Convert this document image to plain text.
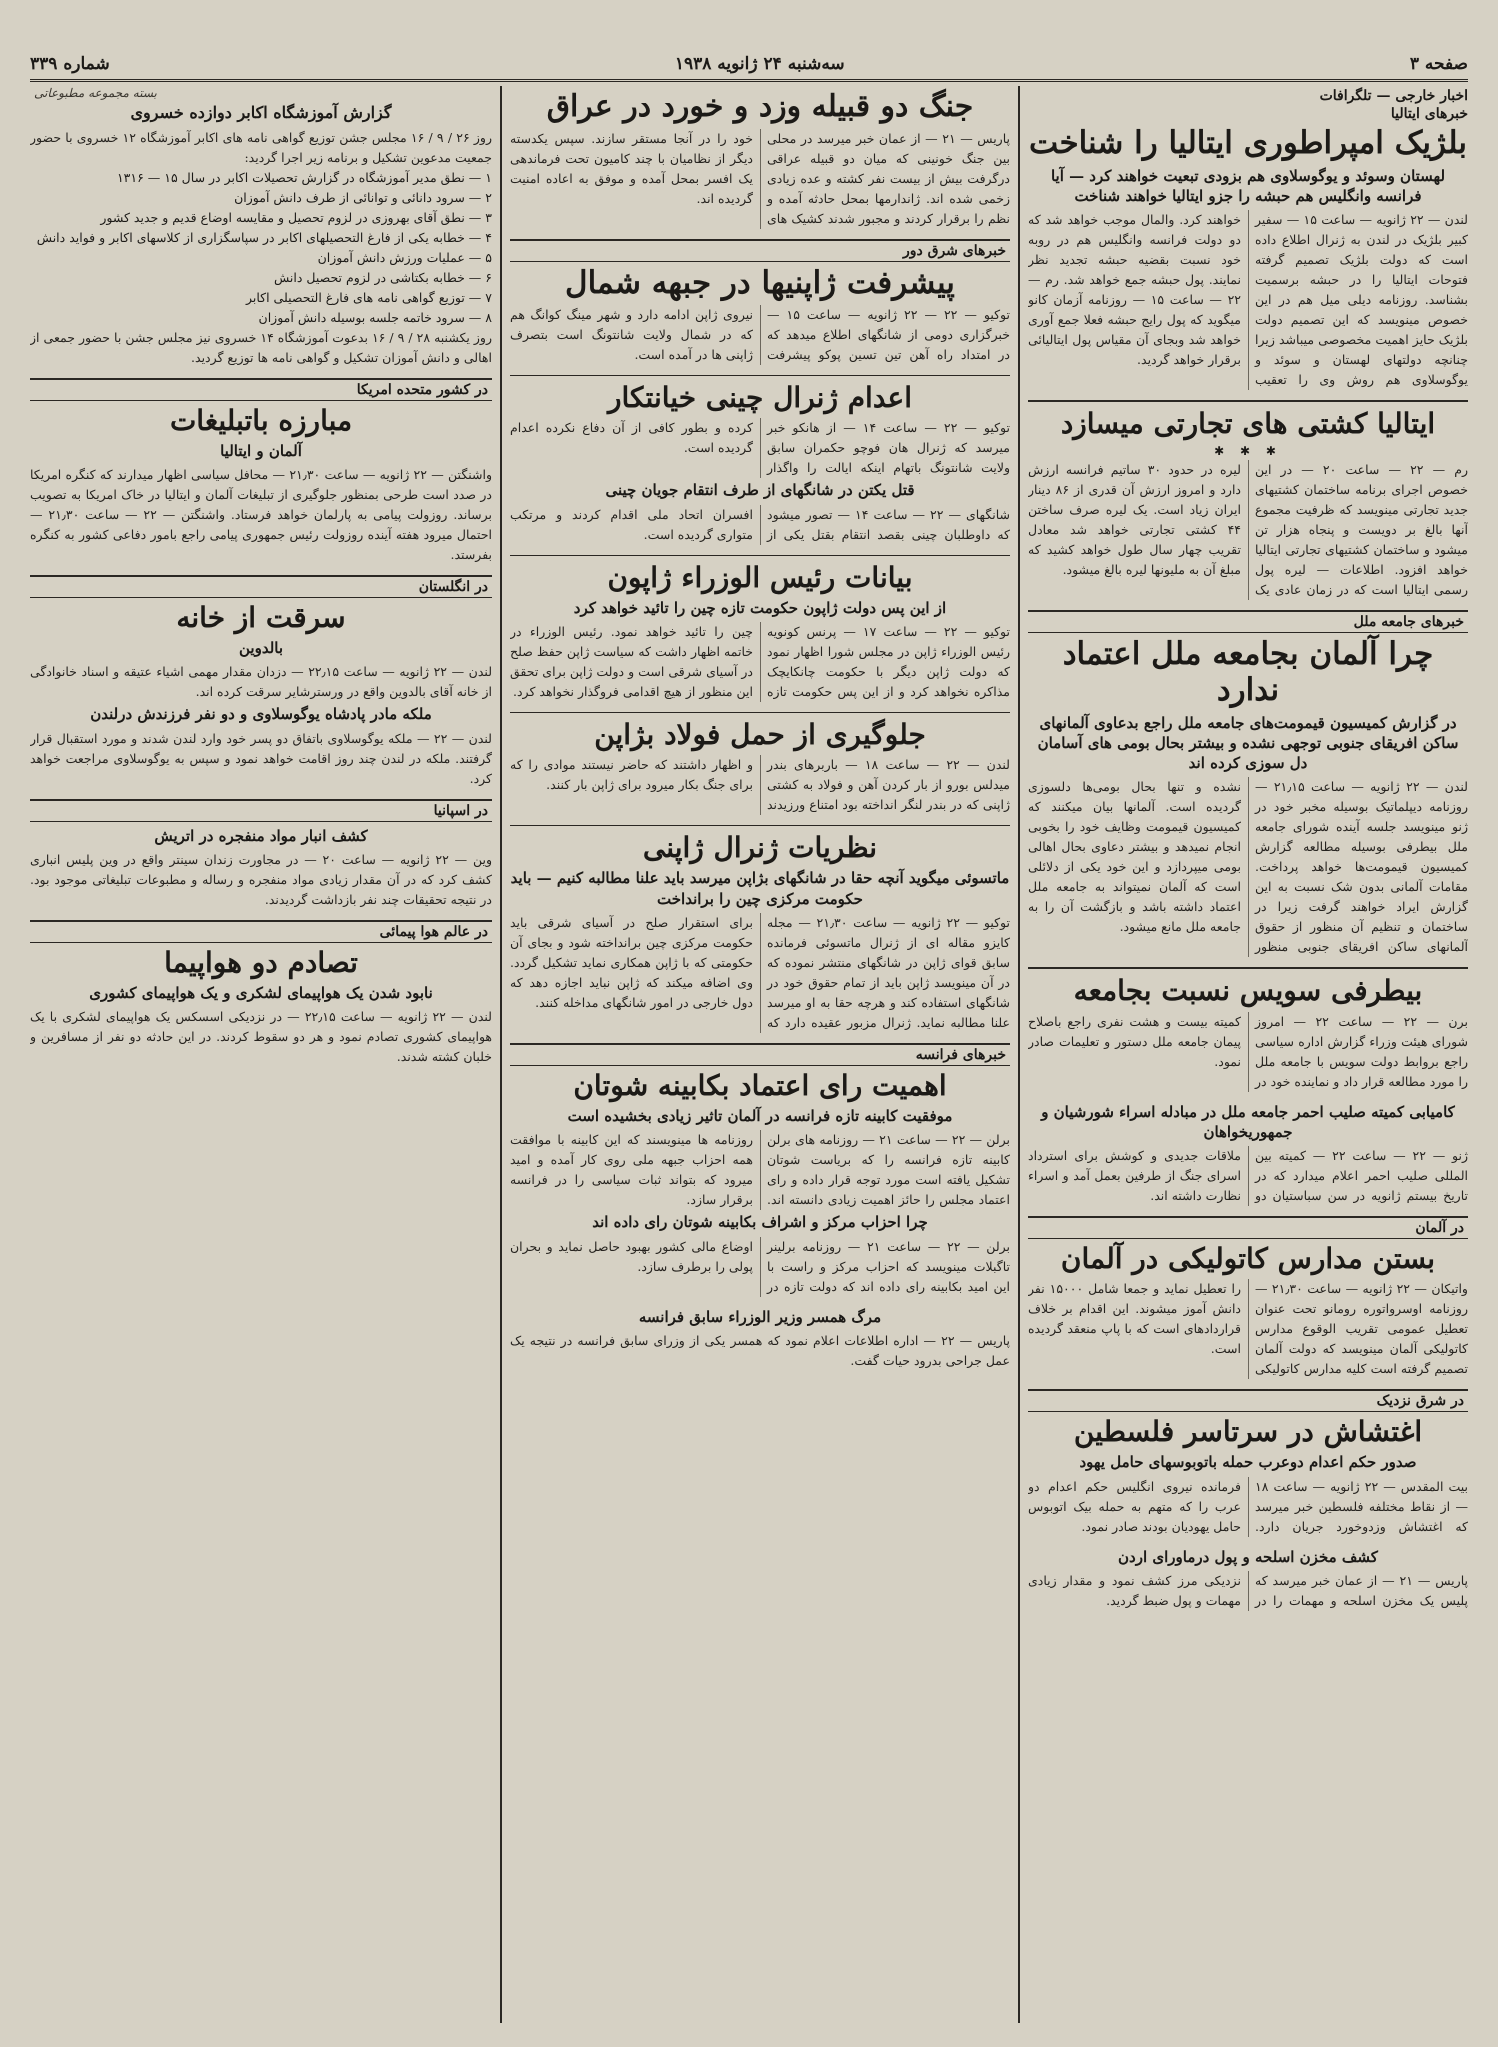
صفحه ۳
سه‌شنبه ۲۴ ژانویه ۱۹۳۸
شماره ۳۳۹
اخبار خارجی — تلگرافات
خبرهای ایتالیا
بلژیک امپراطوری ایتالیا را شناخت
لهستان وسوئد و یوگوسلاوی هم بزودی تبعیت خواهند کرد — آیا فرانسه وانگلیس هم حبشه را جزو ایتالیا خواهند شناخت
لندن — ۲۲ ژانویه — ساعت ۱۵ — سفیر کبیر بلژیک در لندن به ژنرال اطلاع داده است که دولت بلژیک تصمیم گرفته فتوحات ایتالیا را در حبشه برسمیت بشناسد. روزنامه دیلی میل هم در این خصوص مینویسد که این تصمیم دولت بلژیک حایز اهمیت مخصوصی میباشد زیرا چنانچه دولتهای لهستان و سوئد و یوگوسلاوی هم روش وی را تعقیب خواهند کرد. والمال موجب خواهد شد که دو دولت فرانسه وانگلیس هم در روبه خود نسبت بقضیه حبشه تجدید نظر نمایند. پول حبشه جمع خواهد شد. رم — ۲۲ — ساعت ۱۵ — روزنامه آزمان کانو میگوید که پول رایج حبشه فعلا جمع آوری خواهد شد وبجای آن مقیاس پول ایتالیائی برقرار خواهد گردید.
ایتالیا کشتی های تجارتی میسازد
✱ ✱ ✱
رم — ۲۲ — ساعت ۲۰ — در این خصوص اجرای برنامه ساختمان کشتیهای جدید تجارتی مینویسد که ظرفیت مجموع آنها بالغ بر دویست و پنجاه هزار تن میشود و ساختمان کشتیهای تجارتی ایتالیا خواهد افزود. اطلاعات — لیره پول رسمی ایتالیا است که در زمان عادی یک لیره در حدود ۳۰ ساتیم فرانسه ارزش دارد و امروز ارزش آن قدری از ۸۶ دینار ایران زیاد است. یک لیره صرف ساختن ۴۴ کشتی تجارتی خواهد شد معادل تقریب چهار سال طول خواهد کشید که مبلغ آن به ملیونها لیره بالغ میشود.
خبرهای جامعه ملل
چرا آلمان بجامعه ملل اعتماد ندارد
در گزارش کمیسیون قیمومت‌های جامعه ملل راجع بدعاوی آلمانهای ساکن افریقای جنوبی توجهی نشده و بیشتر بحال بومی های آسامان دل سوزی کرده اند
لندن — ۲۲ ژانویه — ساعت ۲۱٫۱۵ — روزنامه دیپلماتیک بوسیله مخبر خود در ژنو مینویسد جلسه آینده شورای جامعه ملل بیطرفی بوسیله مطالعه گزارش کمیسیون قیمومت‌ها خواهد پرداخت. مقامات آلمانی بدون شک نسبت به این گزارش ایراد خواهند گرفت زیرا در ساختمان و تنظیم آن منظور از حقوق آلمانهای ساکن افریقای جنوبی منظور نشده و تنها بحال بومی‌ها دلسوزی گردیده است. آلمانها بیان میکنند که کمیسیون قیمومت وظایف خود را بخوبی انجام نمیدهد و بیشتر دعاوی بحال اهالی بومی میپردازد و این خود یکی از دلائلی است که آلمان نمیتواند به جامعه ملل اعتماد داشته باشد و بازگشت آن را به جامعه ملل مانع میشود.
بیطرفی سویس نسبت بجامعه
برن — ۲۲ — ساعت ۲۲ — امروز شورای هیئت وزراء گزارش اداره سیاسی راجع بروابط دولت سویس با جامعه ملل را مورد مطالعه قرار داد و نماینده خود در کمیته بیست و هشت نفری راجع باصلاح پیمان جامعه ملل دستور و تعلیمات صادر نمود.
کامیابی کمیته صلیب احمر جامعه ملل در مبادله اسراء شورشیان و جمهوریخواهان
ژنو — ۲۲ — ساعت ۲۲ — کمیته بین المللی صلیب احمر اعلام میدارد که در تاریخ بیستم ژانویه در سن سباستیان دو ملاقات جدیدی و کوشش برای استرداد اسرای جنگ از طرفین بعمل آمد و اسراء نظارت داشته اند.
در آلمان
بستن مدارس کاتولیکی در آلمان
واتیکان — ۲۲ ژانویه — ساعت ۲۱٫۳۰ — روزنامه اوسرواتوره رومانو تحت عنوان تعطیل عمومی تقریب الوقوع مدارس کاتولیکی آلمان مینویسد که دولت آلمان تصمیم گرفته است کلیه مدارس کاتولیکی را تعطیل نماید و جمعا شامل ۱۵۰۰۰ نفر دانش آموز میشوند. این اقدام بر خلاف قراردادهای است که با پاپ منعقد گردیده است.
در شرق نزدیک
اغتشاش در سرتاسر فلسطین
صدور حکم اعدام دوعرب حمله باتوبوسهای حامل یهود
بیت المقدس — ۲۲ ژانویه — ساعت ۱۸ — از نقاط مختلفه فلسطین خبر میرسد که اغتشاش وزدوخورد جریان دارد. فرمانده نیروی انگلیس حکم اعدام دو عرب را که متهم به حمله بیک اتوبوس حامل یهودیان بودند صادر نمود.
کشف مخزن اسلحه و پول درماورای اردن
پاریس — ۲۱ — از عمان خبر میرسد که پلیس یک مخزن اسلحه و مهمات را در نزدیکی مرز کشف نمود و مقدار زیادی مهمات و پول ضبط گردید.
جنگ دو قبیله وزد و خورد در عراق
پاریس — ۲۱ — از عمان خبر میرسد در محلی بین جنگ خونینی که میان دو قبیله عراقی درگرفت بیش از بیست نفر کشته و عده زیادی زخمی شده اند. ژاندارمها بمحل حادثه آمده و نظم را برقرار کردند و مجبور شدند کشیک های خود را در آنجا مستقر سازند. سپس یکدسته دیگر از نظامیان با چند کامیون تحت فرماندهی یک افسر بمحل آمده و موفق به اعاده امنیت گردیده اند.
خبرهای شرق دور
پیشرفت ژاپنیها در جبهه شمال
توکیو — ۲۲ — ۲۲ ژانویه — ساعت ۱۵ — خبرگزاری دومی از شانگهای اطلاع میدهد که در امتداد راه آهن تین تسین پوکو پیشرفت نیروی ژاپن ادامه دارد و شهر مینگ کوانگ هم که در شمال ولایت شانتونگ است بتصرف ژاپنی ها در آمده است.
اعدام ژنرال چینی خیانتکار
توکیو — ۲۲ — ساعت ۱۴ — از هانکو خبر میرسد که ژنرال هان فوچو حکمران سابق ولایت شانتونگ باتهام اینکه ایالت را واگذار کرده و بطور کافی از آن دفاع نکرده اعدام گردیده است.
قتل یکتن در شانگهای از طرف انتقام جویان چینی
شانگهای — ۲۲ — ساعت ۱۴ — تصور میشود که داوطلبان چینی بقصد انتقام بقتل یکی از افسران اتحاد ملی اقدام کردند و مرتکب متواری گردیده است.
بیانات رئیس الوزراء ژاپون
از این پس دولت ژاپون حکومت تازه چین را تائید خواهد کرد
توکیو — ۲۲ — ساعت ۱۷ — پرنس کونویه رئیس الوزراء ژاپن در مجلس شورا اظهار نمود که دولت ژاپن دیگر با حکومت چانکایچک مذاکره نخواهد کرد و از این پس حکومت تازه چین را تائید خواهد نمود. رئیس الوزراء در خاتمه اظهار داشت که سیاست ژاپن حفظ صلح در آسیای شرقی است و دولت ژاپن برای تحقق این منظور از هیچ اقدامی فروگذار نخواهد کرد.
جلوگیری از حمل فولاد بژاپن
لندن — ۲۲ — ساعت ۱۸ — باربرهای بندر میدلس بورو از بار کردن آهن و فولاد به کشتی ژاپنی که در بندر لنگر انداخته بود امتناع ورزیدند و اظهار داشتند که حاضر نیستند موادی را که برای جنگ بکار میرود برای ژاپن بار کنند.
نظریات ژنرال ژاپنی
ماتسوئی میگوید آنچه حقا در شانگهای بژاپن میرسد باید علنا مطالبه کنیم — باید حکومت مرکزی چین را برانداخت
توکیو — ۲۲ ژانویه — ساعت ۲۱٫۳۰ — مجله کایزو مقاله ای از ژنرال ماتسوئی فرمانده سابق قوای ژاپن در شانگهای منتشر نموده که در آن مینویسد ژاپن باید از تمام حقوق خود در شانگهای استفاده کند و هرچه حقا به او میرسد علنا مطالبه نماید. ژنرال مزبور عقیده دارد که برای استقرار صلح در آسیای شرقی باید حکومت مرکزی چین برانداخته شود و بجای آن حکومتی که با ژاپن همکاری نماید تشکیل گردد. وی اضافه میکند که ژاپن نباید اجازه دهد که دول خارجی در امور شانگهای مداخله کنند.
خبرهای فرانسه
اهمیت رای اعتماد بکابینه شوتان
موفقیت کابینه تازه فرانسه در آلمان تاثیر زیادی بخشیده است
برلن — ۲۲ — ساعت ۲۱ — روزنامه های برلن کابینه تازه فرانسه را که بریاست شوتان تشکیل یافته است مورد توجه قرار داده و رای اعتماد مجلس را حائز اهمیت زیادی دانسته اند. روزنامه ها مینویسند که این کابینه با موافقت همه احزاب جبهه ملی روی کار آمده و امید میرود که بتواند ثبات سیاسی را در فرانسه برقرار سازد.
چرا احزاب مرکز و اشراف بکابینه شوتان رای داده اند
برلن — ۲۲ — ساعت ۲۱ — روزنامه برلینر تاگبلات مینویسد که احزاب مرکز و راست با این امید بکابینه رای داده اند که دولت تازه در اوضاع مالی کشور بهبود حاصل نماید و بحران پولی را برطرف سازد.
مرگ همسر وزیر الوزراء سابق فرانسه
پاریس — ۲۲ — اداره اطلاعات اعلام نمود که همسر یکی از وزرای سابق فرانسه در نتیجه یک عمل جراحی بدرود حیات گفت.
بسته مجموعه مطبوعاتی
گزارش آموزشگاه اکابر دوازده خسروی
روز ۲۶ / ۹ / ۱۶ مجلس جشن توزیع گواهی نامه های اکابر آموزشگاه ۱۲ خسروی با حضور جمعیت مدعوین تشکیل و برنامه زیر اجرا گردید:
۱ — نطق مدیر آموزشگاه در گزارش تحصیلات اکابر در سال ۱۵ — ۱۳۱۶
۲ — سرود دانائی و توانائی از طرف دانش آموزان
۳ — نطق آقای بهروزی در لزوم تحصیل و مقایسه اوضاع قدیم و جدید کشور
۴ — خطابه یکی از فارغ التحصیلهای اکابر در سپاسگزاری از کلاسهای اکابر و فواید دانش
۵ — عملیات ورزش دانش آموزان
۶ — خطابه بکتاشی در لزوم تحصیل دانش
۷ — توزیع گواهی نامه های فارغ التحصیلی اکابر
۸ — سرود خاتمه جلسه بوسیله دانش آموزان
روز یکشنبه ۲۸ / ۹ / ۱۶ بدعوت آموزشگاه ۱۴ خسروی نیز مجلس جشن با حضور جمعی از اهالی و دانش آموزان تشکیل و گواهی نامه ها توزیع گردید.
در کشور متحده امریکا
مبارزه باتبلیغات
آلمان و ایتالیا
واشنگتن — ۲۲ ژانویه — ساعت ۲۱٫۳۰ — محافل سیاسی اظهار میدارند که کنگره امریکا در صدد است طرحی بمنظور جلوگیری از تبلیغات آلمان و ایتالیا در خاک امریکا به تصویب برساند. روزولت پیامی به پارلمان خواهد فرستاد. واشنگتن — ۲۲ — ساعت ۲۱٫۳۰ — احتمال میرود هفته آینده روزولت رئیس جمهوری پیامی راجع بامور دفاعی کشور به کنگره بفرستد.
در انگلستان
سرقت از خانه
بالدوین
لندن — ۲۲ ژانویه — ساعت ۲۲٫۱۵ — دزدان مقدار مهمی اشیاء عتیقه و اسناد خانوادگی از خانه آقای بالدوین واقع در ورسترشایر سرقت کرده اند.
ملکه مادر پادشاه یوگوسلاوی و دو نفر فرزندش درلندن
لندن — ۲۲ — ملکه یوگوسلاوی باتفاق دو پسر خود وارد لندن شدند و مورد استقبال قرار گرفتند. ملکه در لندن چند روز اقامت خواهد نمود و سپس به یوگوسلاوی مراجعت خواهد کرد.
در اسپانیا
کشف انبار مواد منفجره در اتریش
وین — ۲۲ ژانویه — ساعت ۲۰ — در مجاورت زندان سینتر واقع در وین پلیس انباری کشف کرد که در آن مقدار زیادی مواد منفجره و رساله و مطبوعات تبلیغاتی موجود بود. در نتیجه تحقیقات چند نفر بازداشت گردیدند.
در عالم هوا پیمائی
تصادم دو هواپیما
نابود شدن یک هواپیمای لشکری و یک هواپیمای کشوری
لندن — ۲۲ ژانویه — ساعت ۲۲٫۱۵ — در نزدیکی اسسکس یک هواپیمای لشکری با یک هواپیمای کشوری تصادم نمود و هر دو سقوط کردند. در این حادثه دو نفر از مسافرین و خلبان کشته شدند.
